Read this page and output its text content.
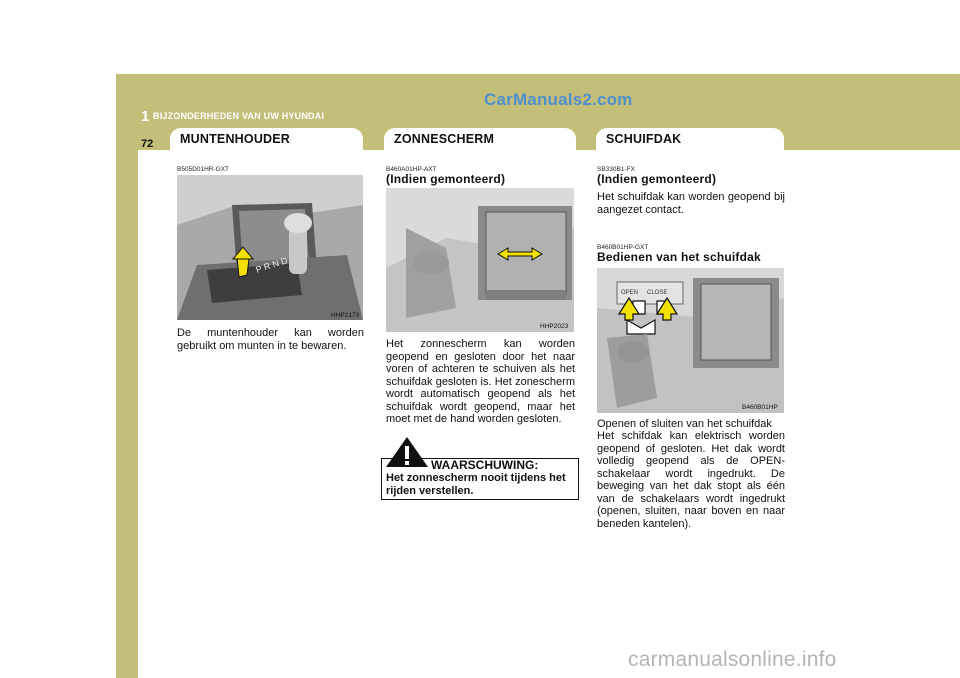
1 BIJZONDERHEDEN VAN UW HYUNDAI
72
CarManuals2.com
MUNTENHOUDER	ZONNESCHERM	SCHUIFDAK
B505D01HR-GXT
P R N D
HHP2173
De muntenhouder kan worden gebruikt om munten in te bewaren.
B460A01HP-AXT
(Indien gemonteerd)
HHP2023
Het zonnescherm kan worden geopend en gesloten door het naar voren of achteren te schuiven als het schuifdak gesloten is. Het zonescherm wordt automatisch geopend als het schuifdak wordt geopend, maar het moet met de hand worden gesloten.
WAARSCHUWING:
Het zonnescherm nooit tijdens het rijden verstellen.
SB330B1-FX
(Indien gemonteerd)
Het schuifdak kan worden geopend bij aangezet contact.
B460B01HP-GXT
Bedienen van het schuifdak
OPEN CLOSE
B460B01HP
Openen of sluiten van het schuifdak
Het schifdak kan elektrisch worden geopend of gesloten. Het dak wordt volledig geopend als de OPEN-schakelaar wordt ingedrukt. De beweging van het dak stopt als één van de schakelaars wordt ingedrukt (openen, sluiten, naar boven en naar beneden kantelen).
carmanualsonline.info
